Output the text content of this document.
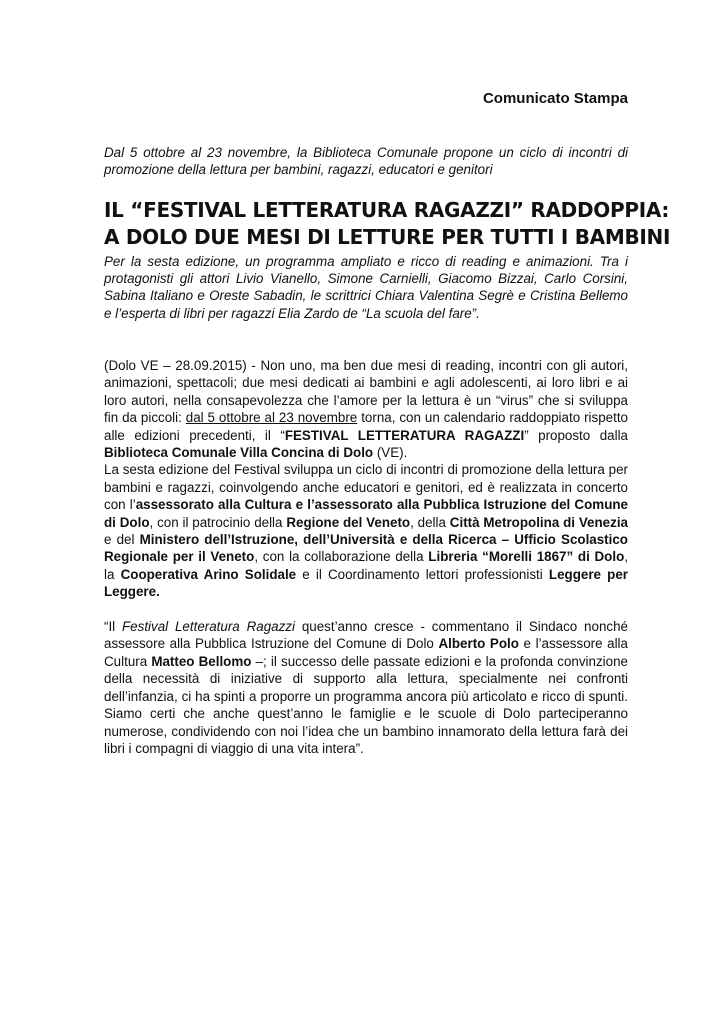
Comunicato Stampa
Dal 5 ottobre al 23 novembre, la Biblioteca Comunale propone un ciclo di incontri di promozione della lettura per bambini, ragazzi, educatori e genitori
IL “FESTIVAL LETTERATURA RAGAZZI” RADDOPPIA:
A DOLO DUE MESI DI LETTURE PER TUTTI I BAMBINI
Per la sesta edizione, un programma ampliato e ricco di reading e animazioni. Tra i protagonisti gli attori Livio Vianello, Simone Carnielli, Giacomo Bizzai, Carlo Corsini, Sabina Italiano e Oreste Sabadin, le scrittrici Chiara Valentina Segrè e Cristina Bellemo e l’esperta di libri per ragazzi Elia Zardo de “La scuola del fare”.

(Dolo VE – 28.09.2015) - Non uno, ma ben due mesi di reading, incontri con gli autori, animazioni, spettacoli; due mesi dedicati ai bambini e agli adolescenti, ai loro libri e ai loro autori, nella consapevolezza che l’amore per la lettura è un “virus” che si sviluppa fin da piccoli: dal 5 ottobre al 23 novembre torna, con un calendario raddoppiato rispetto alle edizioni precedenti, il “FESTIVAL LETTERATURA RAGAZZI” proposto dalla Biblioteca Comunale Villa Concina di Dolo (VE).

La sesta edizione del Festival sviluppa un ciclo di incontri di promozione della lettura per bambini e ragazzi, coinvolgendo anche educatori e genitori, ed è realizzata in concerto con l’assessorato alla Cultura e l’assessorato alla Pubblica Istruzione del Comune di Dolo, con il patrocinio della Regione del Veneto, della Città Metropolina di Venezia e del Ministero dell’Istruzione, dell’Università e della Ricerca – Ufficio Scolastico Regionale per il Veneto, con la collaborazione della Libreria “Morelli 1867” di Dolo, la Cooperativa Arino Solidale e il Coordinamento lettori professionisti Leggere per Leggere.

“Il Festival Letteratura Ragazzi quest’anno cresce - commentano il Sindaco nonché assessore alla Pubblica Istruzione del Comune di Dolo Alberto Polo e l’assessore alla Cultura Matteo Bellomo –; il successo delle passate edizioni e la profonda convinzione della necessità di iniziative di supporto alla lettura, specialmente nei confronti dell’infanzia, ci ha spinti a proporre un programma ancora più articolato e ricco di spunti. Siamo certi che anche quest’anno le famiglie e le scuole di Dolo parteciperanno numerose, condividendo con noi l’idea che un bambino innamorato della lettura farà dei libri i compagni di viaggio di una vita intera”.
